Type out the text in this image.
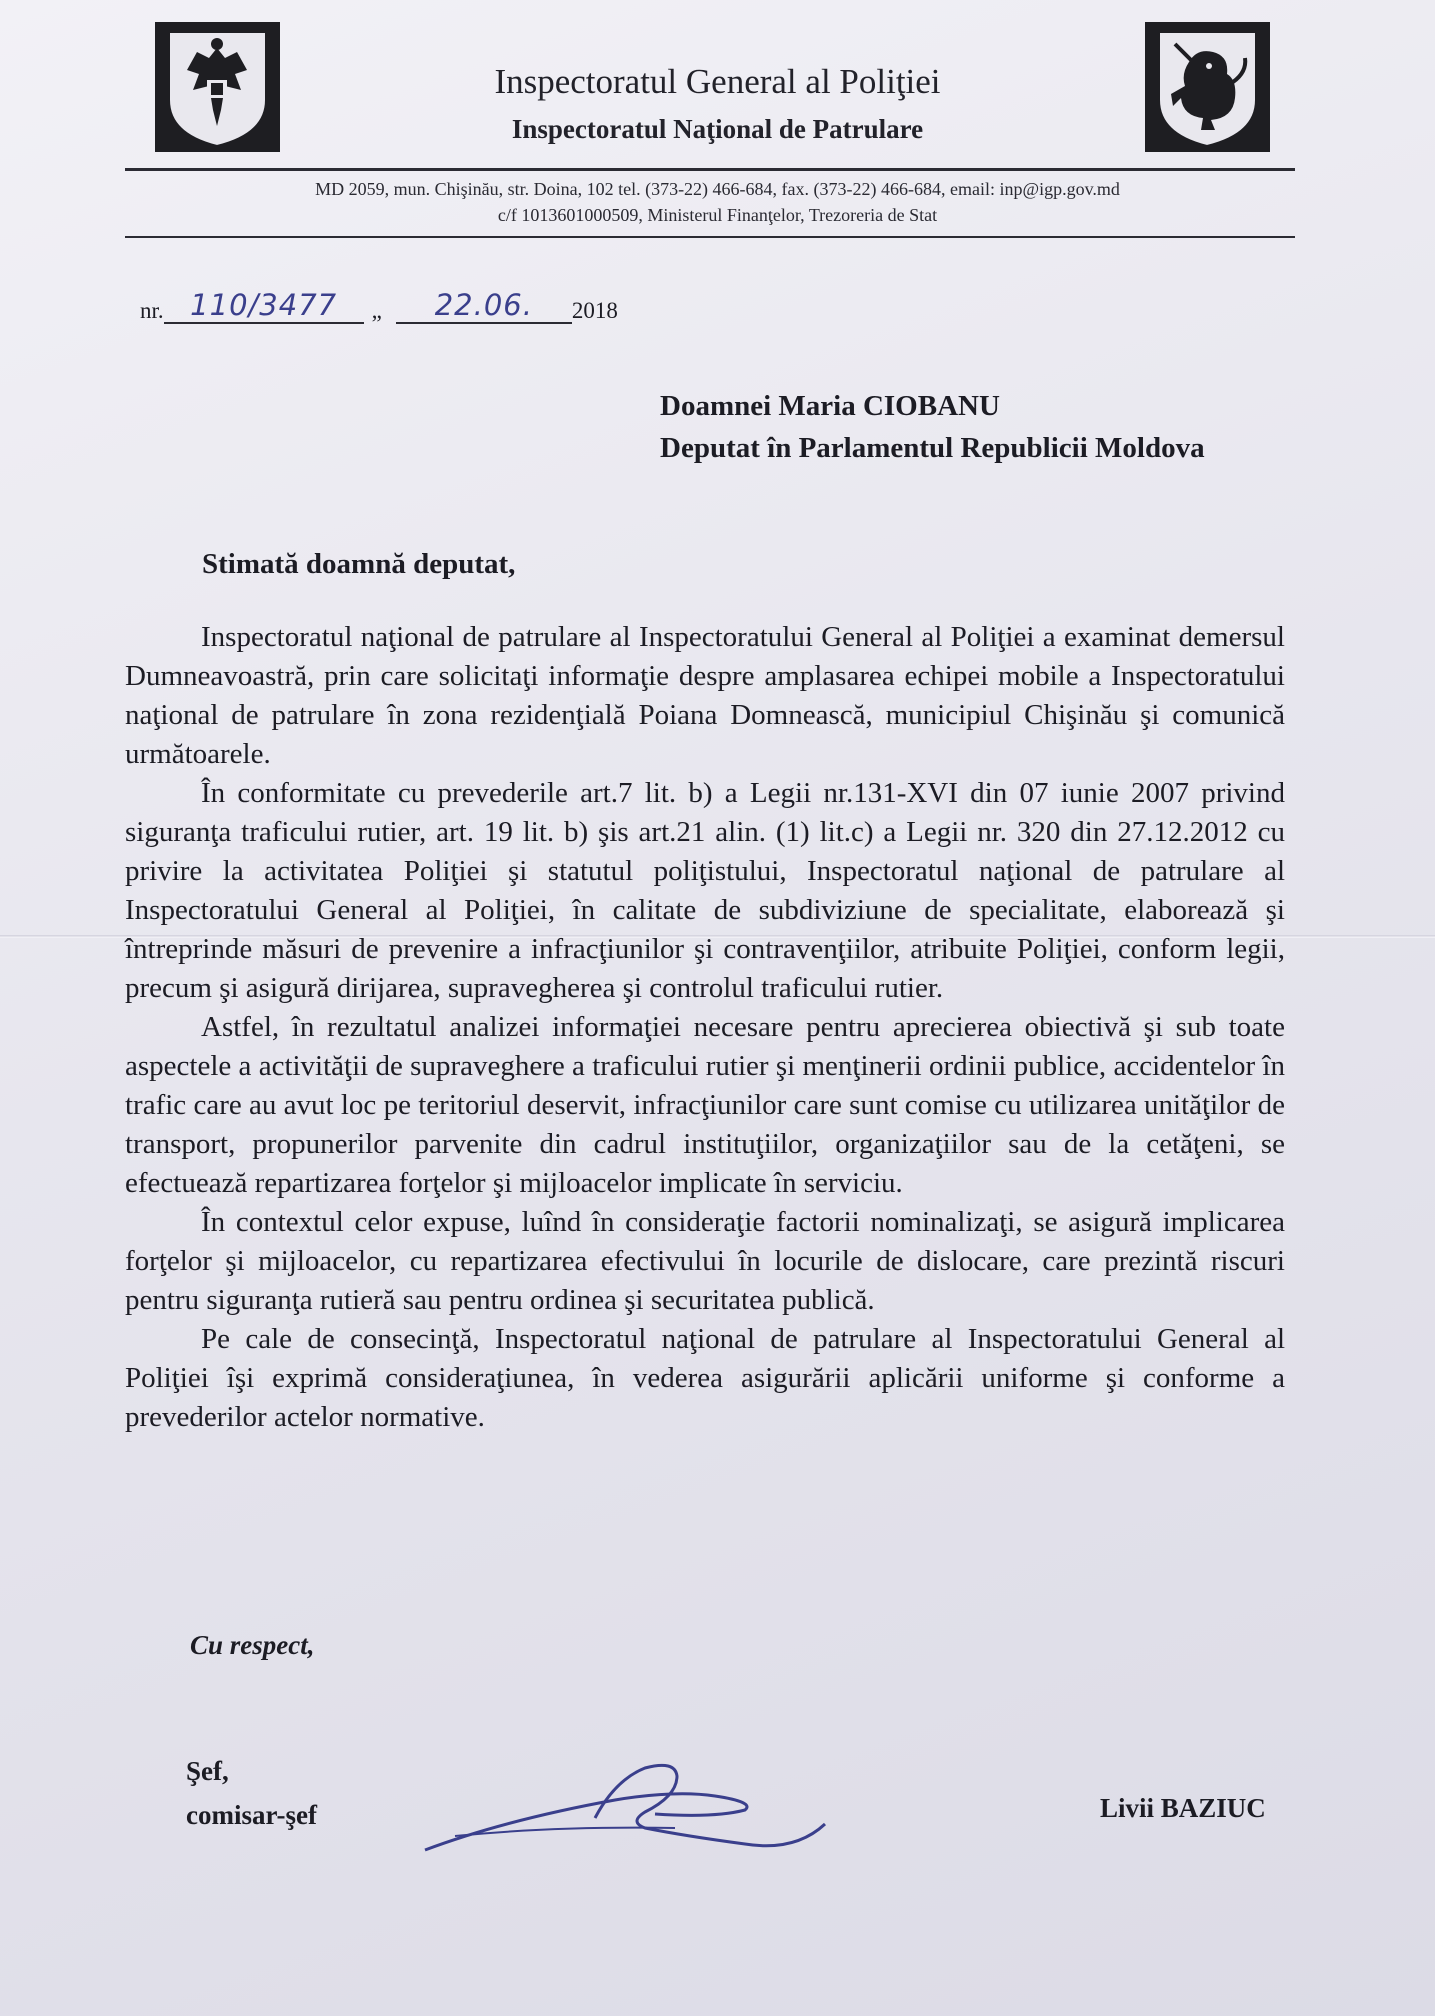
Inspectoratul General al Poliţiei
Inspectoratul Naţional de Patrulare
MD 2059, mun. Chişinău, str. Doina, 102 tel. (373-22) 466-684, fax. (373-22) 466-684, email: inp@igp.gov.md
c/f 1013601000509, Ministerul Finanţelor, Trezoreria de Stat
nr. 110/3477	„	22.06.	2018
Doamnei Maria CIOBANU
Deputat în Parlamentul Republicii Moldova
Stimată doamnă deputat,

Inspectoratul naţional de patrulare al Inspectoratului General al Poliţiei a examinat demersul Dumneavoastră, prin care solicitaţi informaţie despre amplasarea echipei mobile a Inspectoratului naţional de patrulare în zona rezidenţială Poiana Domnească, municipiul Chişinău şi comunică următoarele.

În conformitate cu prevederile art.7 lit. b) a Legii nr.131-XVI din 07 iunie 2007 privind siguranţa traficului rutier, art. 19 lit. b) şis art.21 alin. (1) lit.c) a Legii nr. 320 din 27.12.2012 cu privire la activitatea Poliţiei şi statutul poliţistului, Inspectoratul naţional de patrulare al Inspectoratului General al Poliţiei, în calitate de subdiviziune de specialitate, elaborează şi întreprinde măsuri de prevenire a infracţiunilor şi contravenţiilor, atribuite Poliţiei, conform legii, precum şi asigură dirijarea, supravegherea şi controlul traficului rutier.

Astfel, în rezultatul analizei informaţiei necesare pentru aprecierea obiectivă şi sub toate aspectele a activităţii de supraveghere a traficului rutier şi menţinerii ordinii publice, accidentelor în trafic care au avut loc pe teritoriul deservit, infracţiunilor care sunt comise cu utilizarea unităţilor de transport, propunerilor parvenite din cadrul instituţiilor, organizaţiilor sau de la cetăţeni, se efectuează repartizarea forţelor şi mijloacelor implicate în serviciu.

În contextul celor expuse, luînd în consideraţie factorii nominalizaţi, se asigură implicarea forţelor şi mijloacelor, cu repartizarea efectivului în locurile de dislocare, care prezintă riscuri pentru siguranţa rutieră sau pentru ordinea şi securitatea publică.

Pe cale de consecinţă, Inspectoratul naţional de patrulare al Inspectoratului General al Poliţiei îşi exprimă consideraţiunea, în vederea asigurării aplicării uniforme şi conforme a prevederilor actelor normative.

Cu respect,
Şef,
comisar-şef	Livii BAZIUC
